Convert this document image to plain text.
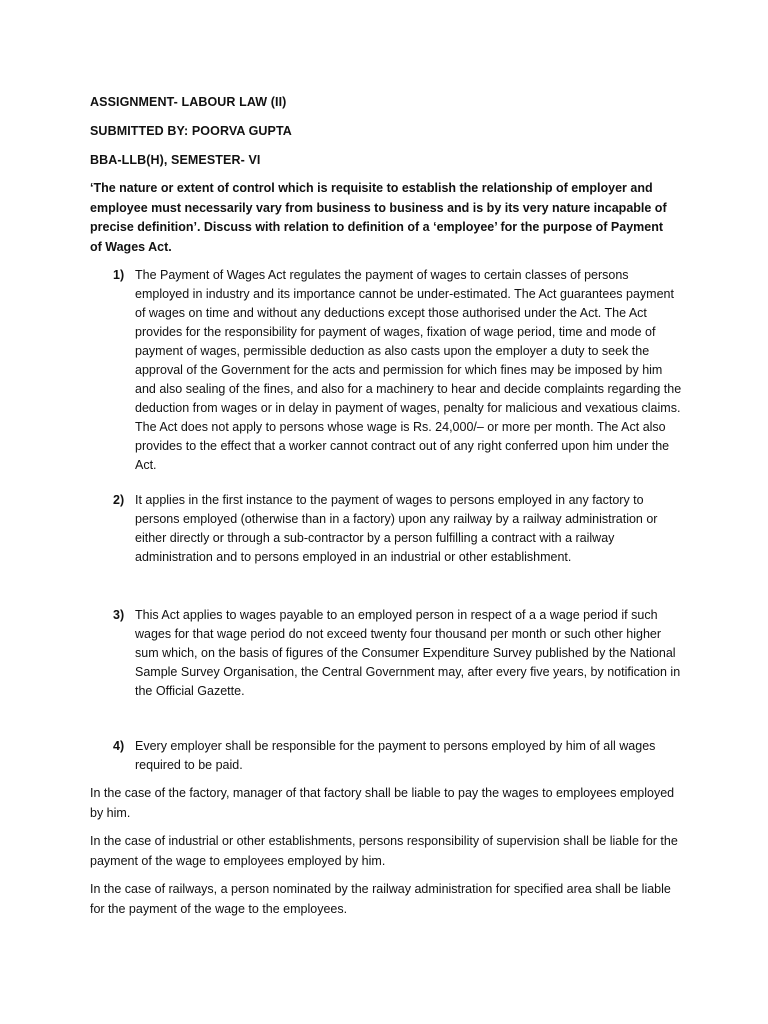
ASSIGNMENT- LABOUR LAW (II)
SUBMITTED BY: POORVA GUPTA
BBA-LLB(H), SEMESTER- VI
‘The nature or extent of control which is requisite to establish the relationship of employer and employee must necessarily vary from business to business and is by its very nature incapable of precise definition’. Discuss with relation to definition of a ‘employee’ for the purpose of Payment of Wages Act.
1) The Payment of Wages Act regulates the payment of wages to certain classes of persons employed in industry and its importance cannot be under-estimated. The Act guarantees payment of wages on time and without any deductions except those authorised under the Act. The Act provides for the responsibility for payment of wages, fixation of wage period, time and mode of payment of wages, permissible deduction as also casts upon the employer a duty to seek the approval of the Government for the acts and permission for which fines may be imposed by him and also sealing of the fines, and also for a machinery to hear and decide complaints regarding the deduction from wages or in delay in payment of wages, penalty for malicious and vexatious claims. The Act does not apply to persons whose wage is Rs. 24,000/– or more per month. The Act also provides to the effect that a worker cannot contract out of any right conferred upon him under the Act.
2) It applies in the first instance to the payment of wages to persons employed in any factory to persons employed (otherwise than in a factory) upon any railway by a railway administration or either directly or through a sub-contractor by a person fulfilling a contract with a railway administration and to persons employed in an industrial or other establishment.
3) This Act applies to wages payable to an employed person in respect of a a wage period if such wages for that wage period do not exceed twenty four thousand per month or such other higher sum which, on the basis of figures of the Consumer Expenditure Survey published by the National Sample Survey Organisation, the Central Government may, after every five years, by notification in the Official Gazette.
4) Every employer shall be responsible for the payment to persons employed by him of all wages required to be paid.
In the case of the factory, manager of that factory shall be liable to pay the wages to employees employed by him.
In the case of industrial or other establishments, persons responsibility of supervision shall be liable for the payment of the wage to employees employed by him.
In the case of railways, a person nominated by the railway administration for specified area shall be liable for the payment of the wage to the employees.
